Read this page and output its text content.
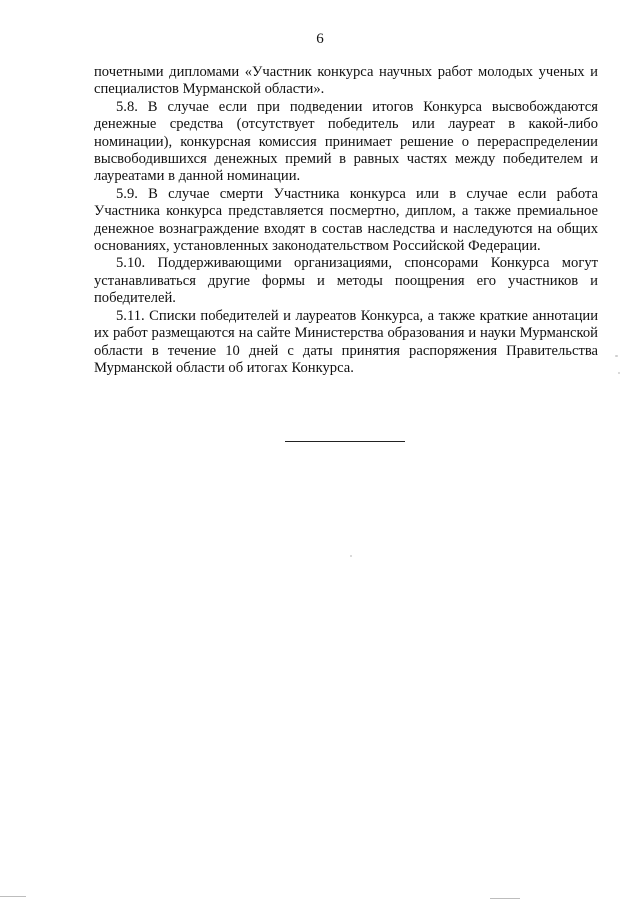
6

почетными дипломами «Участник конкурса научных работ молодых ученых и специалистов Мурманской области».

5.8. В случае если при подведении итогов Конкурса высвобождаются денежные средства (отсутствует победитель или лауреат в какой-либо номинации), конкурсная комиссия принимает решение о перераспределении высвободившихся денежных премий в равных частях между победителем и лауреатами в данной номинации.

5.9. В случае смерти Участника конкурса или в случае если работа Участника конкурса представляется посмертно, диплом, а также премиальное денежное вознаграждение входят в состав наследства и наследуются на общих основаниях, установленных законодательством Российской Федерации.

5.10. Поддерживающими организациями, спонсорами Конкурса могут устанавливаться другие формы и методы поощрения его участников и победителей.

5.11. Списки победителей и лауреатов Конкурса, а также краткие аннотации их работ размещаются на сайте Министерства образования и науки Мурманской области в течение 10 дней с даты принятия распоряжения Правительства Мурманской области об итогах Конкурса.
